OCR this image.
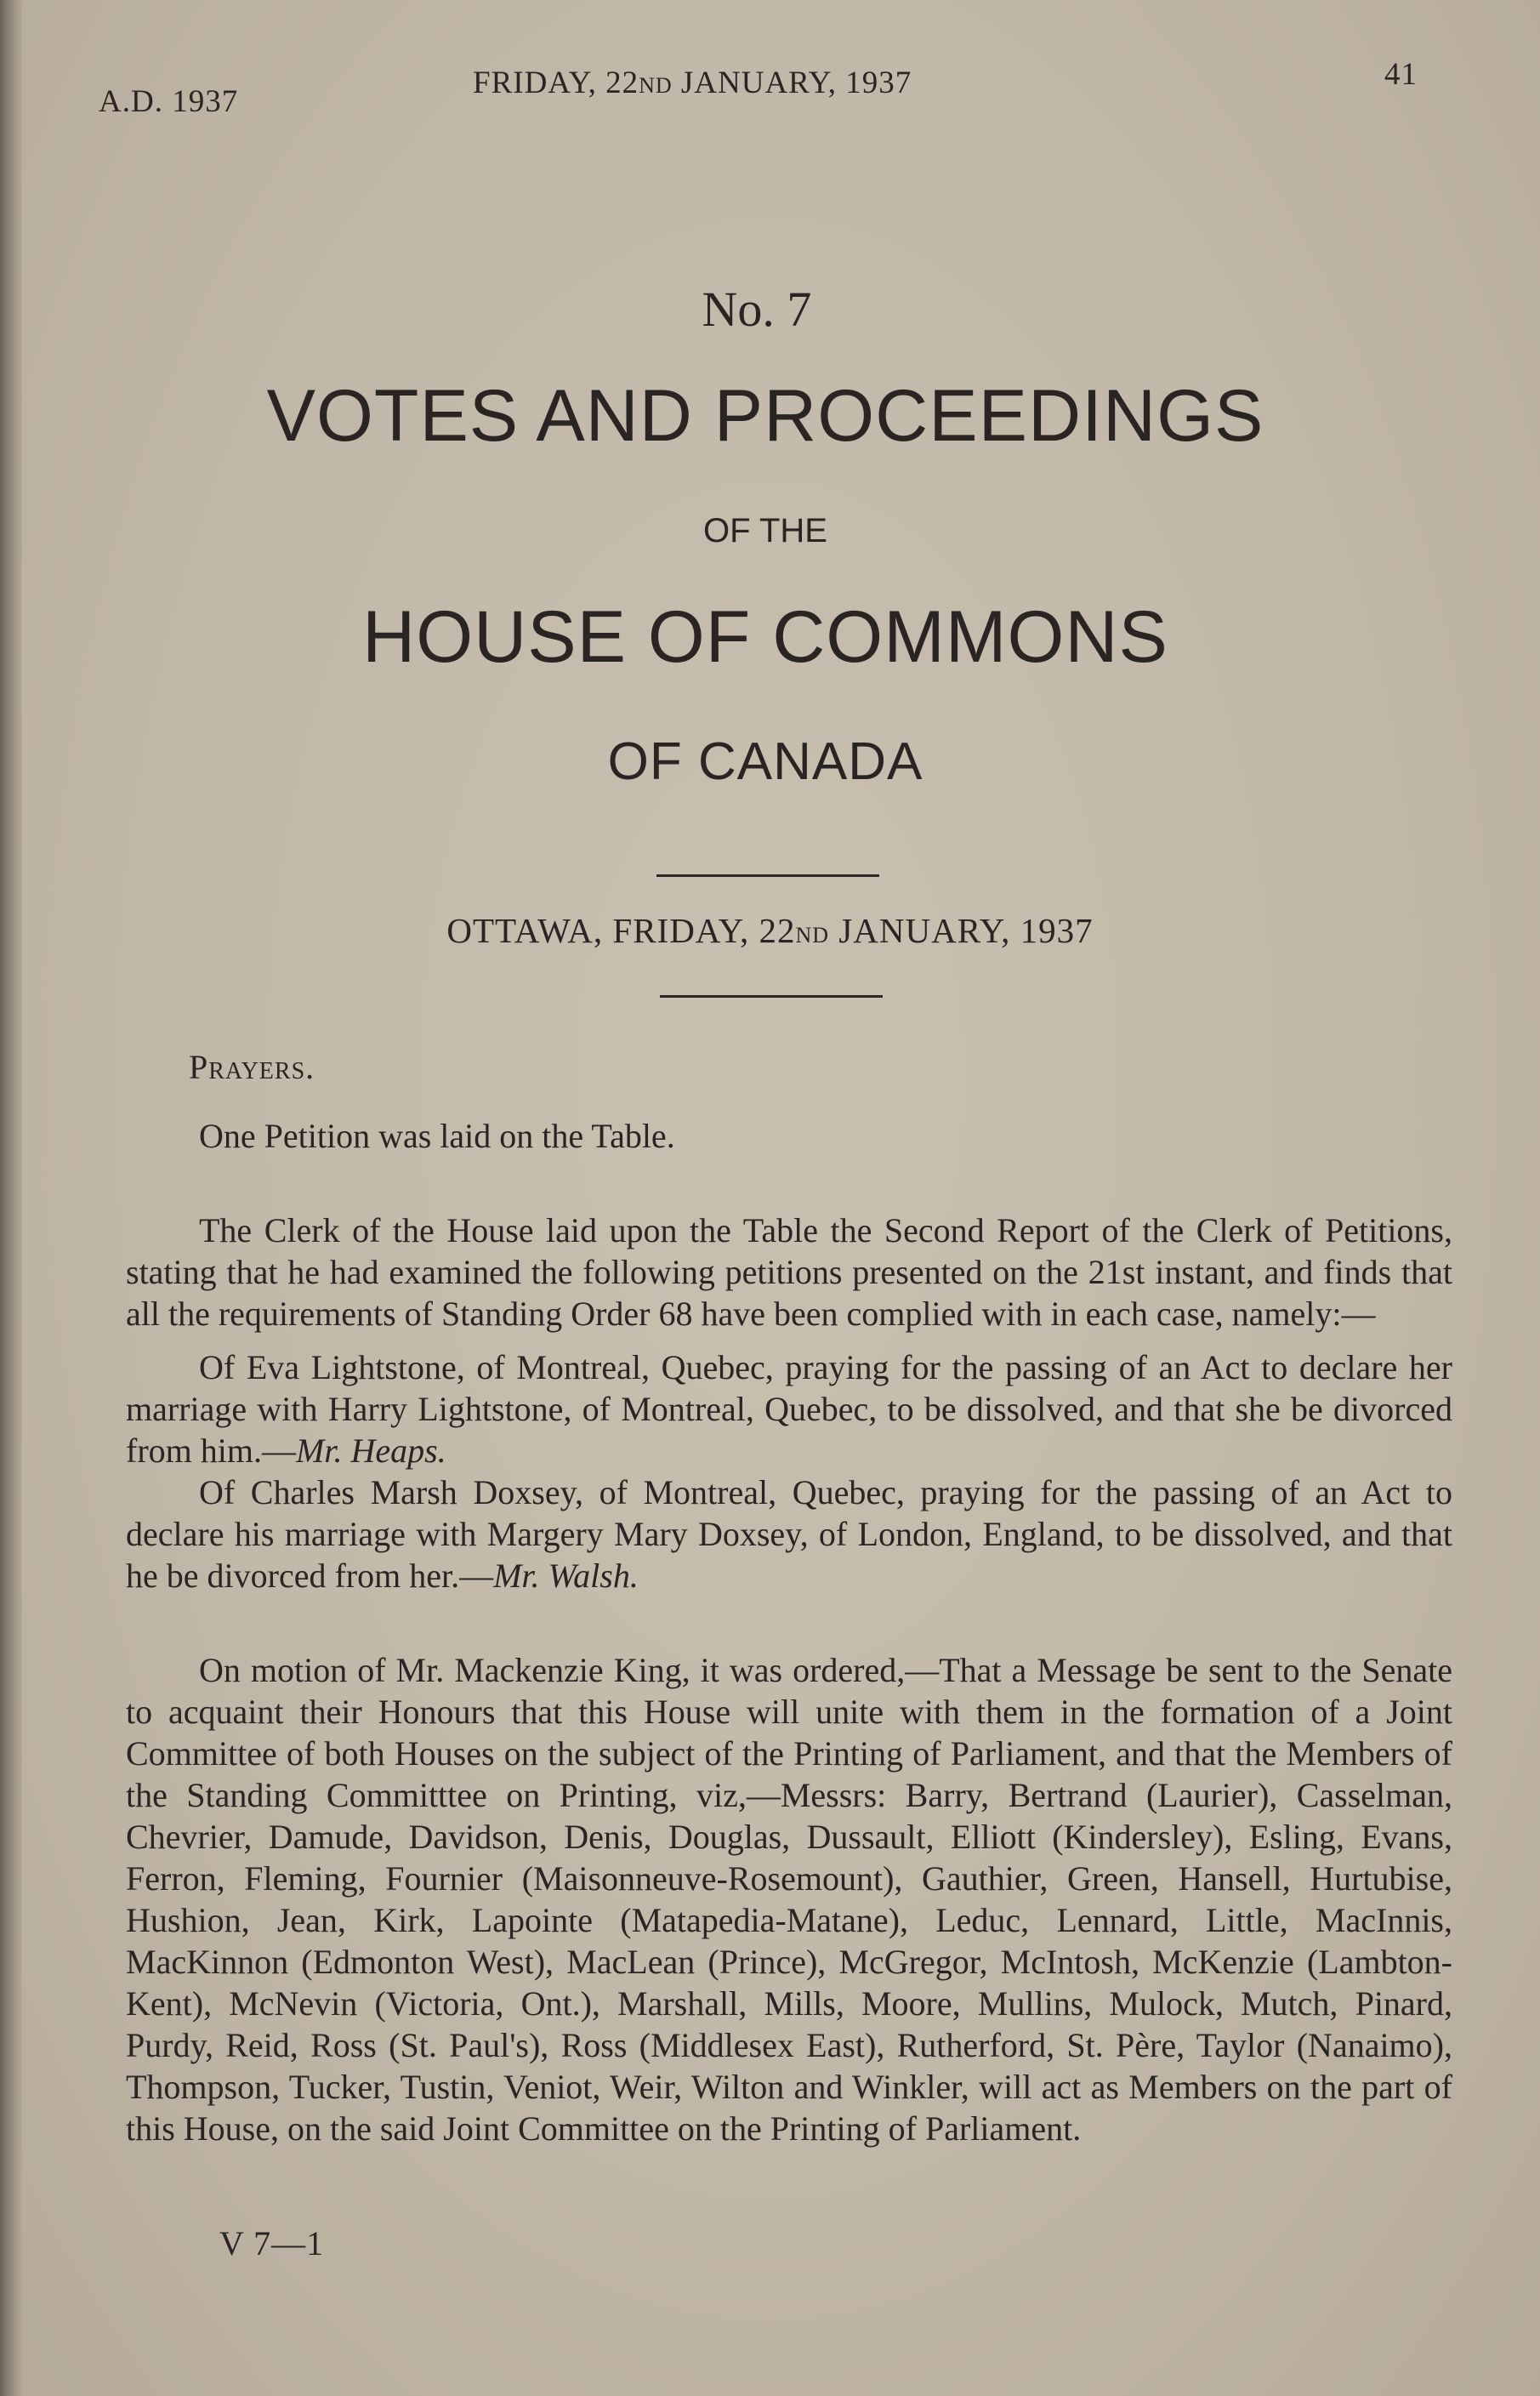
A.D. 1937
FRIDAY, 22ND JANUARY, 1937	41
No. 7
VOTES AND PROCEEDINGS
OF THE
HOUSE OF COMMONS
OF CANADA
OTTAWA, FRIDAY, 22ND JANUARY, 1937

Prayers.

One Petition was laid on the Table.

The Clerk of the House laid upon the Table the Second Report of the Clerk of Petitions, stating that he had examined the following petitions presented on the 21st instant, and finds that all the requirements of Standing Order 68 have been complied with in each case, namely:—

Of Eva Lightstone, of Montreal, Quebec, praying for the passing of an Act to declare her marriage with Harry Lightstone, of Montreal, Quebec, to be dissolved, and that she be divorced from him.—Mr. Heaps.

Of Charles Marsh Doxsey, of Montreal, Quebec, praying for the passing of an Act to declare his marriage with Margery Mary Doxsey, of London, England, to be dissolved, and that he be divorced from her.—Mr. Walsh.

On motion of Mr. Mackenzie King, it was ordered,—That a Message be sent to the Senate to acquaint their Honours that this House will unite with them in the formation of a Joint Committee of both Houses on the subject of the Printing of Parliament, and that the Members of the Standing Committtee on Printing, viz,—Messrs: Barry, Bertrand (Laurier), Casselman, Chevrier, Damude, Davidson, Denis, Douglas, Dussault, Elliott (Kindersley), Esling, Evans, Ferron, Fleming, Fournier (Maisonneuve-Rosemount), Gauthier, Green, Hansell, Hurtubise, Hushion, Jean, Kirk, Lapointe (Matapedia-Matane), Leduc, Lennard, Little, MacInnis, MacKinnon (Edmonton West), MacLean (Prince), McGregor, McIntosh, McKenzie (Lambton-Kent), McNevin (Victoria, Ont.), Marshall, Mills, Moore, Mullins, Mulock, Mutch, Pinard, Purdy, Reid, Ross (St. Paul's), Ross (Middlesex East), Rutherford, St. Père, Taylor (Nanaimo), Thompson, Tucker, Tustin, Veniot, Weir, Wilton and Winkler, will act as Members on the part of this House, on the said Joint Committee on the Printing of Parliament.

V 7—1
